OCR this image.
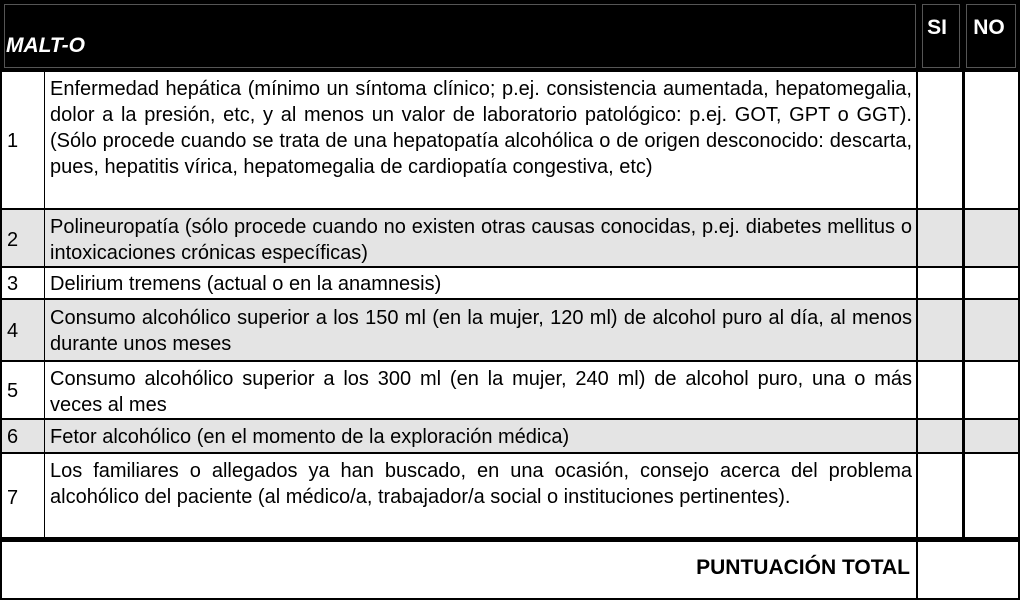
MALT-O
SI	NO
1
Enfermedad hepática (mínimo un síntoma clínico; p.ej. consistencia aumentada, hepatomegalia, dolor a la presión, etc, y al menos un valor de laboratorio patológico: p.ej. GOT, GPT o GGT). (Sólo procede cuando se trata de una hepatopatía alcohólica o de origen desconocido: descarta, pues, hepatitis vírica, hepatomegalia de cardiopatía congestiva, etc)
2
Polineuropatía (sólo procede cuando no existen otras causas conocidas, p.ej. diabetes mellitus o intoxicaciones crónicas específicas)
3 Delirium tremens (actual o en la anamnesis)
4
Consumo alcohólico superior a los 150 ml (en la mujer, 120 ml) de alcohol puro al día, al menos durante unos meses
5
Consumo alcohólico superior a los 300 ml (en la mujer, 240 ml) de alcohol puro, una o más veces al mes
6 Fetor alcohólico (en el momento de la exploración médica)
7
Los familiares o allegados ya han buscado, en una ocasión, consejo acerca del problema alcohólico del paciente (al médico/a, trabajador/a social o instituciones pertinentes).
PUNTUACIÓN TOTAL
